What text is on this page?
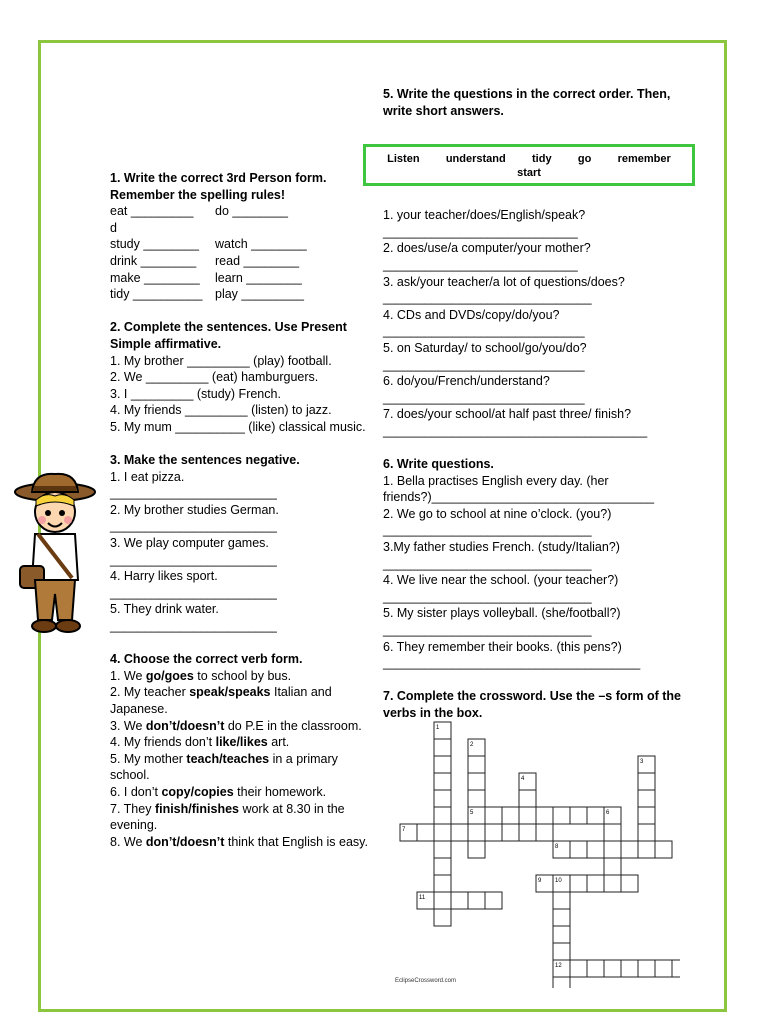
1. Write the correct 3rd Person form. Remember the spelling rules!
eat _________	do ________
d
study ________	watch ________
drink ________	read ________
make ________	learn ________
tidy __________	play _________
2. Complete the sentences. Use Present Simple affirmative.
1. My brother _________ (play) football.
2. We _________ (eat) hamburguers.
3. I _________ (study) French.
4. My friends _________ (listen) to jazz.
5. My mum __________ (like) classical music.
3. Make the sentences negative.
1. I eat pizza.
________________________
2. My brother studies German.
________________________
3. We play computer games.
________________________
4. Harry likes sport.
________________________
5. They drink water.
________________________
4. Choose the correct verb form.
1. We go/goes to school by bus.
2. My teacher speak/speaks Italian and Japanese.
3. We don’t/doesn’t do P.E in the classroom.
4. My friends don’t like/likes art.
5. My mother teach/teaches in a primary school.
6. I don’t copy/copies their homework.
7. They finish/finishes work at 8.30 in the evening.
8. We don’t/doesn’t think that English is easy.
Listen understand tidy go remember
start
5. Write the questions in the correct order. Then, write short answers.
1. your teacher/does/English/speak?
____________________________
2. does/use/a computer/your mother?
____________________________
3. ask/your teacher/a lot of questions/does?
______________________________
4. CDs and DVDs/copy/do/you?
_____________________________
5. on Saturday/ to school/go/you/do?
_____________________________
6. do/you/French/understand?
_____________________________
7. does/your school/at half past three/ finish?
______________________________________
6. Write questions.
1. Bella practises English every day. (her friends?)________________________________
2. We go to school at nine o’clock. (you?)
______________________________
3.My father studies French. (study/Italian?)
______________________________
4. We live near the school. (your teacher?)
______________________________
5. My sister plays volleyball. (she/football?)
______________________________
6. They remember their books. (this pens?)
_____________________________________
7. Complete the crossword. Use the –s form of the verbs in the box.
1
2
3
4
5	6
7
8
9 10
11
12
EclipseCrossword.com
